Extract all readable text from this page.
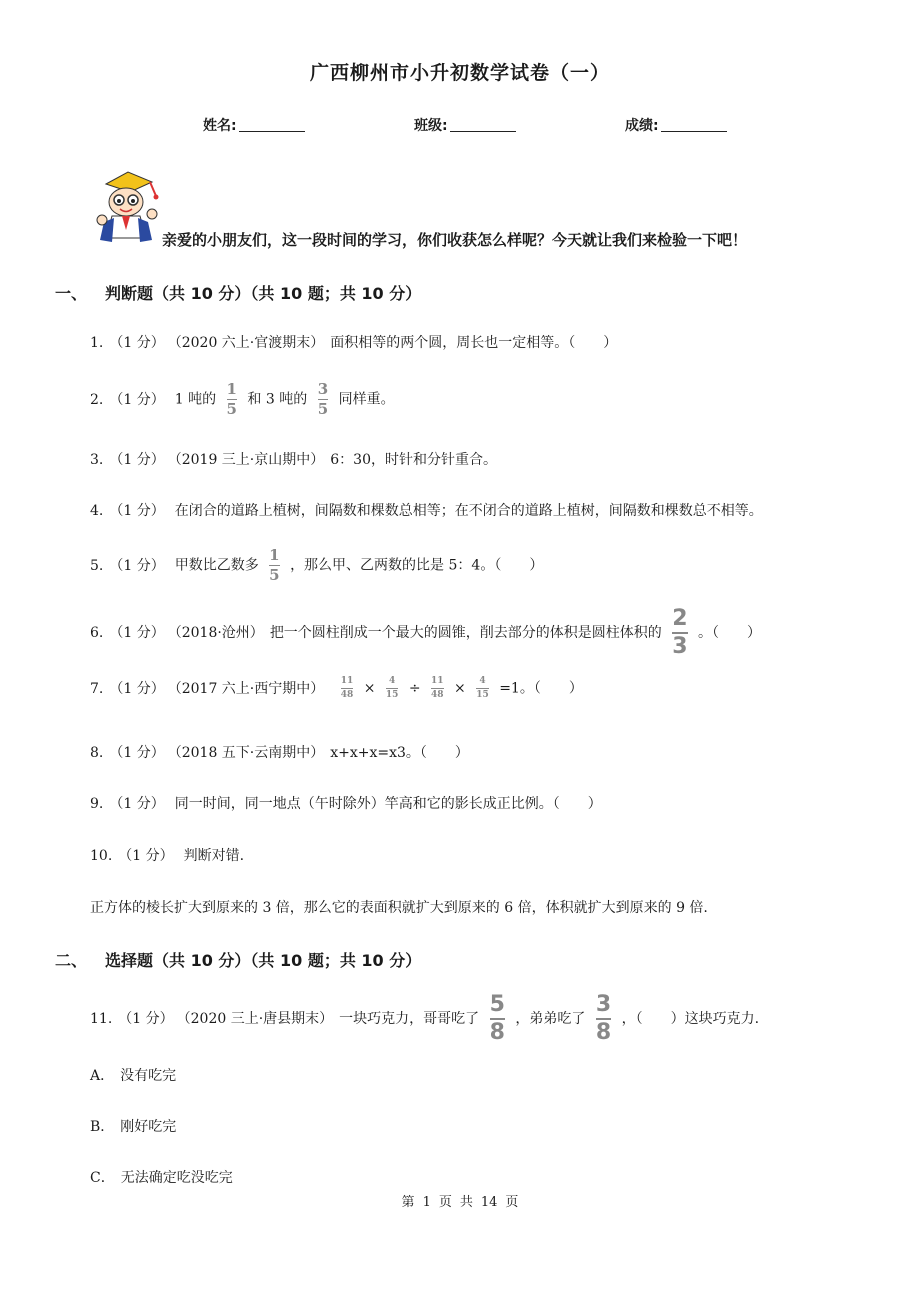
广西柳州市小升初数学试卷（一）
姓名:	班级:	成绩:
亲爱的小朋友们，这一段时间的学习，你们收获怎么样呢？今天就让我们来检验一下吧！
一、 判断题（共 10 分）（共 10 题；共 10 分）
1. （1 分） （2020 六上·官渡期末） 面积相等的两个圆，周长也一定相等。（　　）
2. （1 分） 1 吨的 $\frac{1}{5}$ 和 3 吨的 $\frac{3}{5}$ 同样重。
3. （1 分） （2019 三上·京山期中） 6：30，时针和分针重合。
4. （1 分） 在闭合的道路上植树，间隔数和棵数总相等；在不闭合的道路上植树，间隔数和棵数总不相等。
5. （1 分） 甲数比乙数多 $\frac{1}{5}$ ，那么甲、乙两数的比是 5：4。（　　）
6. （1 分） （2018·沧州） 把一个圆柱削成一个最大的圆锥，削去部分的体积是圆柱体积的 $\frac{2}{3}$ 。（　　）
7. （1 分） （2017 六上·西宁期中） $\frac{11}{48} \times \frac{4}{15} \div \frac{11}{48} \times \frac{4}{15} =1$。（　　）
8. （1 分） （2018 五下·云南期中） x+x+x=x3。（　　）
9. （1 分） 同一时间，同一地点（午时除外）竿高和它的影长成正比例。（　　）
10. （1 分） 判断对错.
正方体的棱长扩大到原来的 3 倍，那么它的表面积就扩大到原来的 6 倍，体积就扩大到原来的 9 倍.
二、 选择题（共 10 分）（共 10 题；共 10 分）
11. （1 分） （2020 三上·唐县期末） 一块巧克力，哥哥吃了 $\frac{5}{8}$ ，弟弟吃了 $\frac{3}{8}$ ，（　　）这块巧克力.
A． 没有吃完
B． 刚好吃完
C． 无法确定吃没吃完
第 1 页 共 14 页
